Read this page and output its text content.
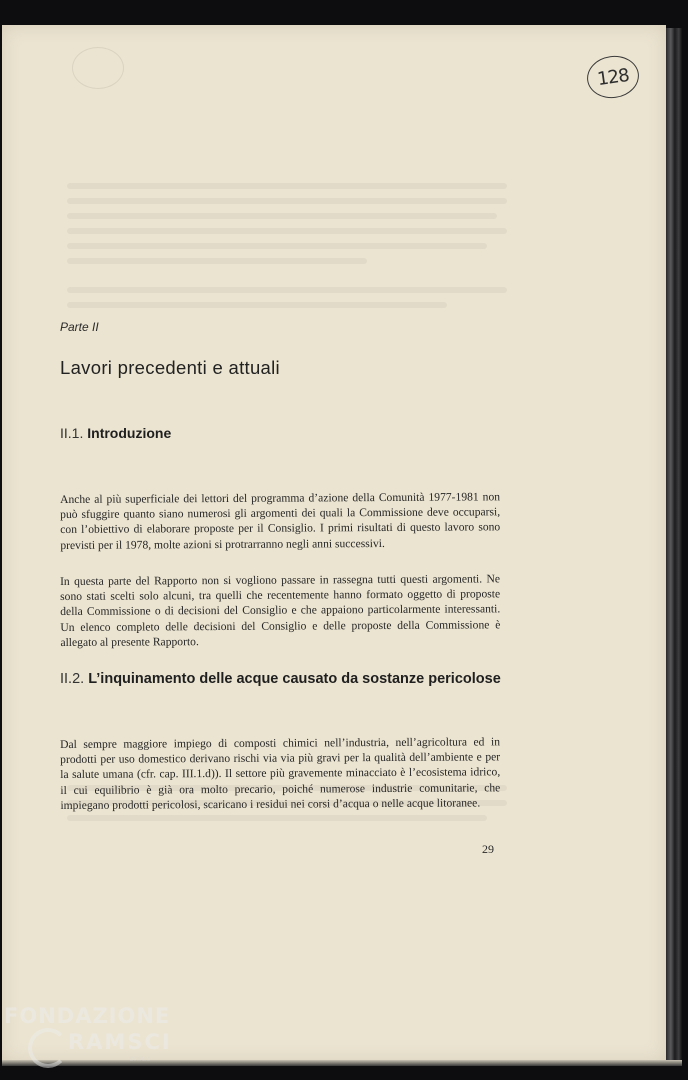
128

Parte II

Lavori precedenti e attuali
II.1. Introduzione

Anche al più superficiale dei lettori del programma d’azione della Comunità 1977-1981 non può sfuggire quanto siano numerosi gli argomenti dei quali la Commissione deve occuparsi, con l’obiettivo di elaborare proposte per il Consiglio. I primi risultati di questo lavoro sono previsti per il 1978, molte azioni si protrarranno negli anni successivi.

In questa parte del Rapporto non si vogliono passare in rassegna tutti questi argomenti. Ne sono stati scelti solo alcuni, tra quelli che recentemente hanno formato oggetto di proposte della Commissione o di decisioni del Consiglio e che appaiono particolarmente interessanti. Un elenco completo delle decisioni del Consiglio e delle proposte della Commissione è allegato al presente Rapporto.

II.2. L’inquinamento delle acque causato da sostanze pericolose

Dal sempre maggiore impiego di composti chimici nell’industria, nell’agricoltura ed in prodotti per uso domestico derivano rischi via via più gravi per la qualità dell’ambiente e per la salute umana (cfr. cap. III.1.d)). Il settore più gravemente minacciato è l’ecosistema idrico, il cui equilibrio è già ora molto precario, poiché numerose industrie comunitarie, che impiegano prodotti pericolosi, scaricano i residui nei corsi d’acqua o nelle acque litoranee.

29

FONDAZIONE
RAMSCI
onlus
